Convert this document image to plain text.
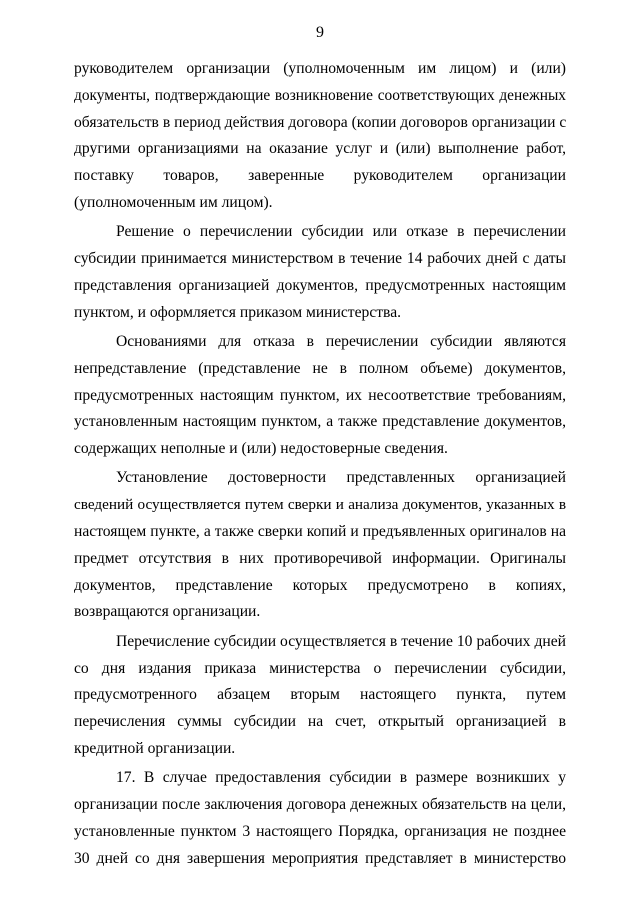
9
руководителем организации (уполномоченным им лицом) и (или)
документы, подтверждающие возникновение соответствующих денежных
обязательств в период действия договора (копии договоров организации с
другими организациями на оказание услуг и (или) выполнение работ,
поставку товаров, заверенные руководителем организации
(уполномоченным им лицом).
Решение о перечислении субсидии или отказе в перечислении
субсидии принимается министерством в течение 14 рабочих дней с даты
представления организацией документов, предусмотренных настоящим
пунктом, и оформляется приказом министерства.
Основаниями для отказа в перечислении субсидии являются
непредставление (представление не в полном объеме) документов,
предусмотренных настоящим пунктом, их несоответствие требованиям,
установленным настоящим пунктом, а также представление документов,
содержащих неполные и (или) недостоверные сведения.
Установление достоверности представленных организацией
сведений осуществляется путем сверки и анализа документов, указанных в
настоящем пункте, а также сверки копий и предъявленных оригиналов на
предмет отсутствия в них противоречивой информации. Оригиналы
документов, представление которых предусмотрено в копиях,
возвращаются организации.
Перечисление субсидии осуществляется в течение 10 рабочих дней
со дня издания приказа министерства о перечислении субсидии,
предусмотренного абзацем вторым настоящего пункта, путем
перечисления суммы субсидии на счет, открытый организацией в
кредитной организации.
17. В случае предоставления субсидии в размере возникших у
организации после заключения договора денежных обязательств на цели,
установленные пунктом 3 настоящего Порядка, организация не позднее
30 дней со дня завершения мероприятия представляет в министерство
